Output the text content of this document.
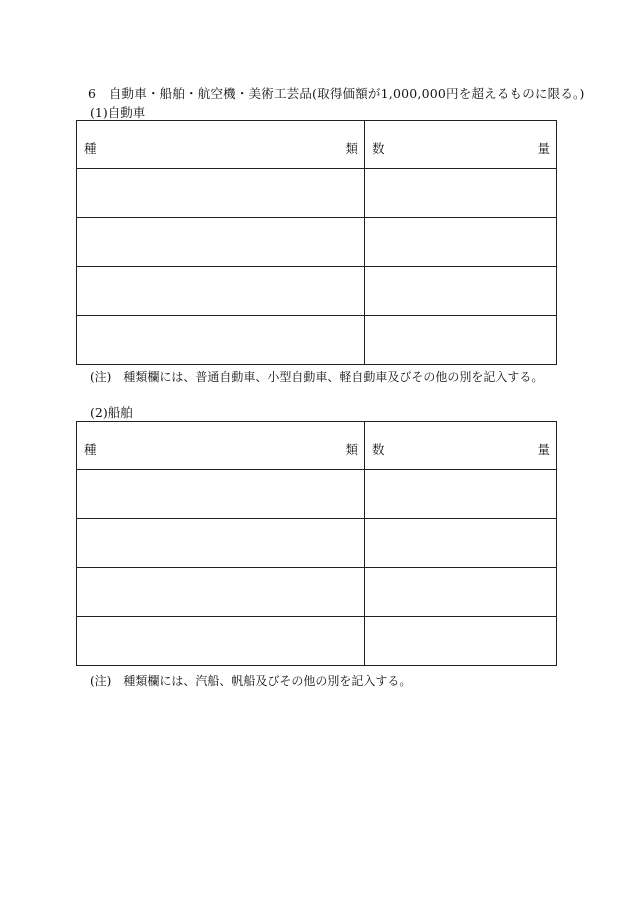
6　自動車・船舶・航空機・美術工芸品(取得価額が1,000,000円を超えるものに限る。)
(1)自動車
種 類	数 量

(注)　種類欄には、普通自動車、小型自動車、軽自動車及びその他の別を記入する。
(2)船舶
種 類	数 量

(注)　種類欄には、汽船、帆船及びその他の別を記入する。
